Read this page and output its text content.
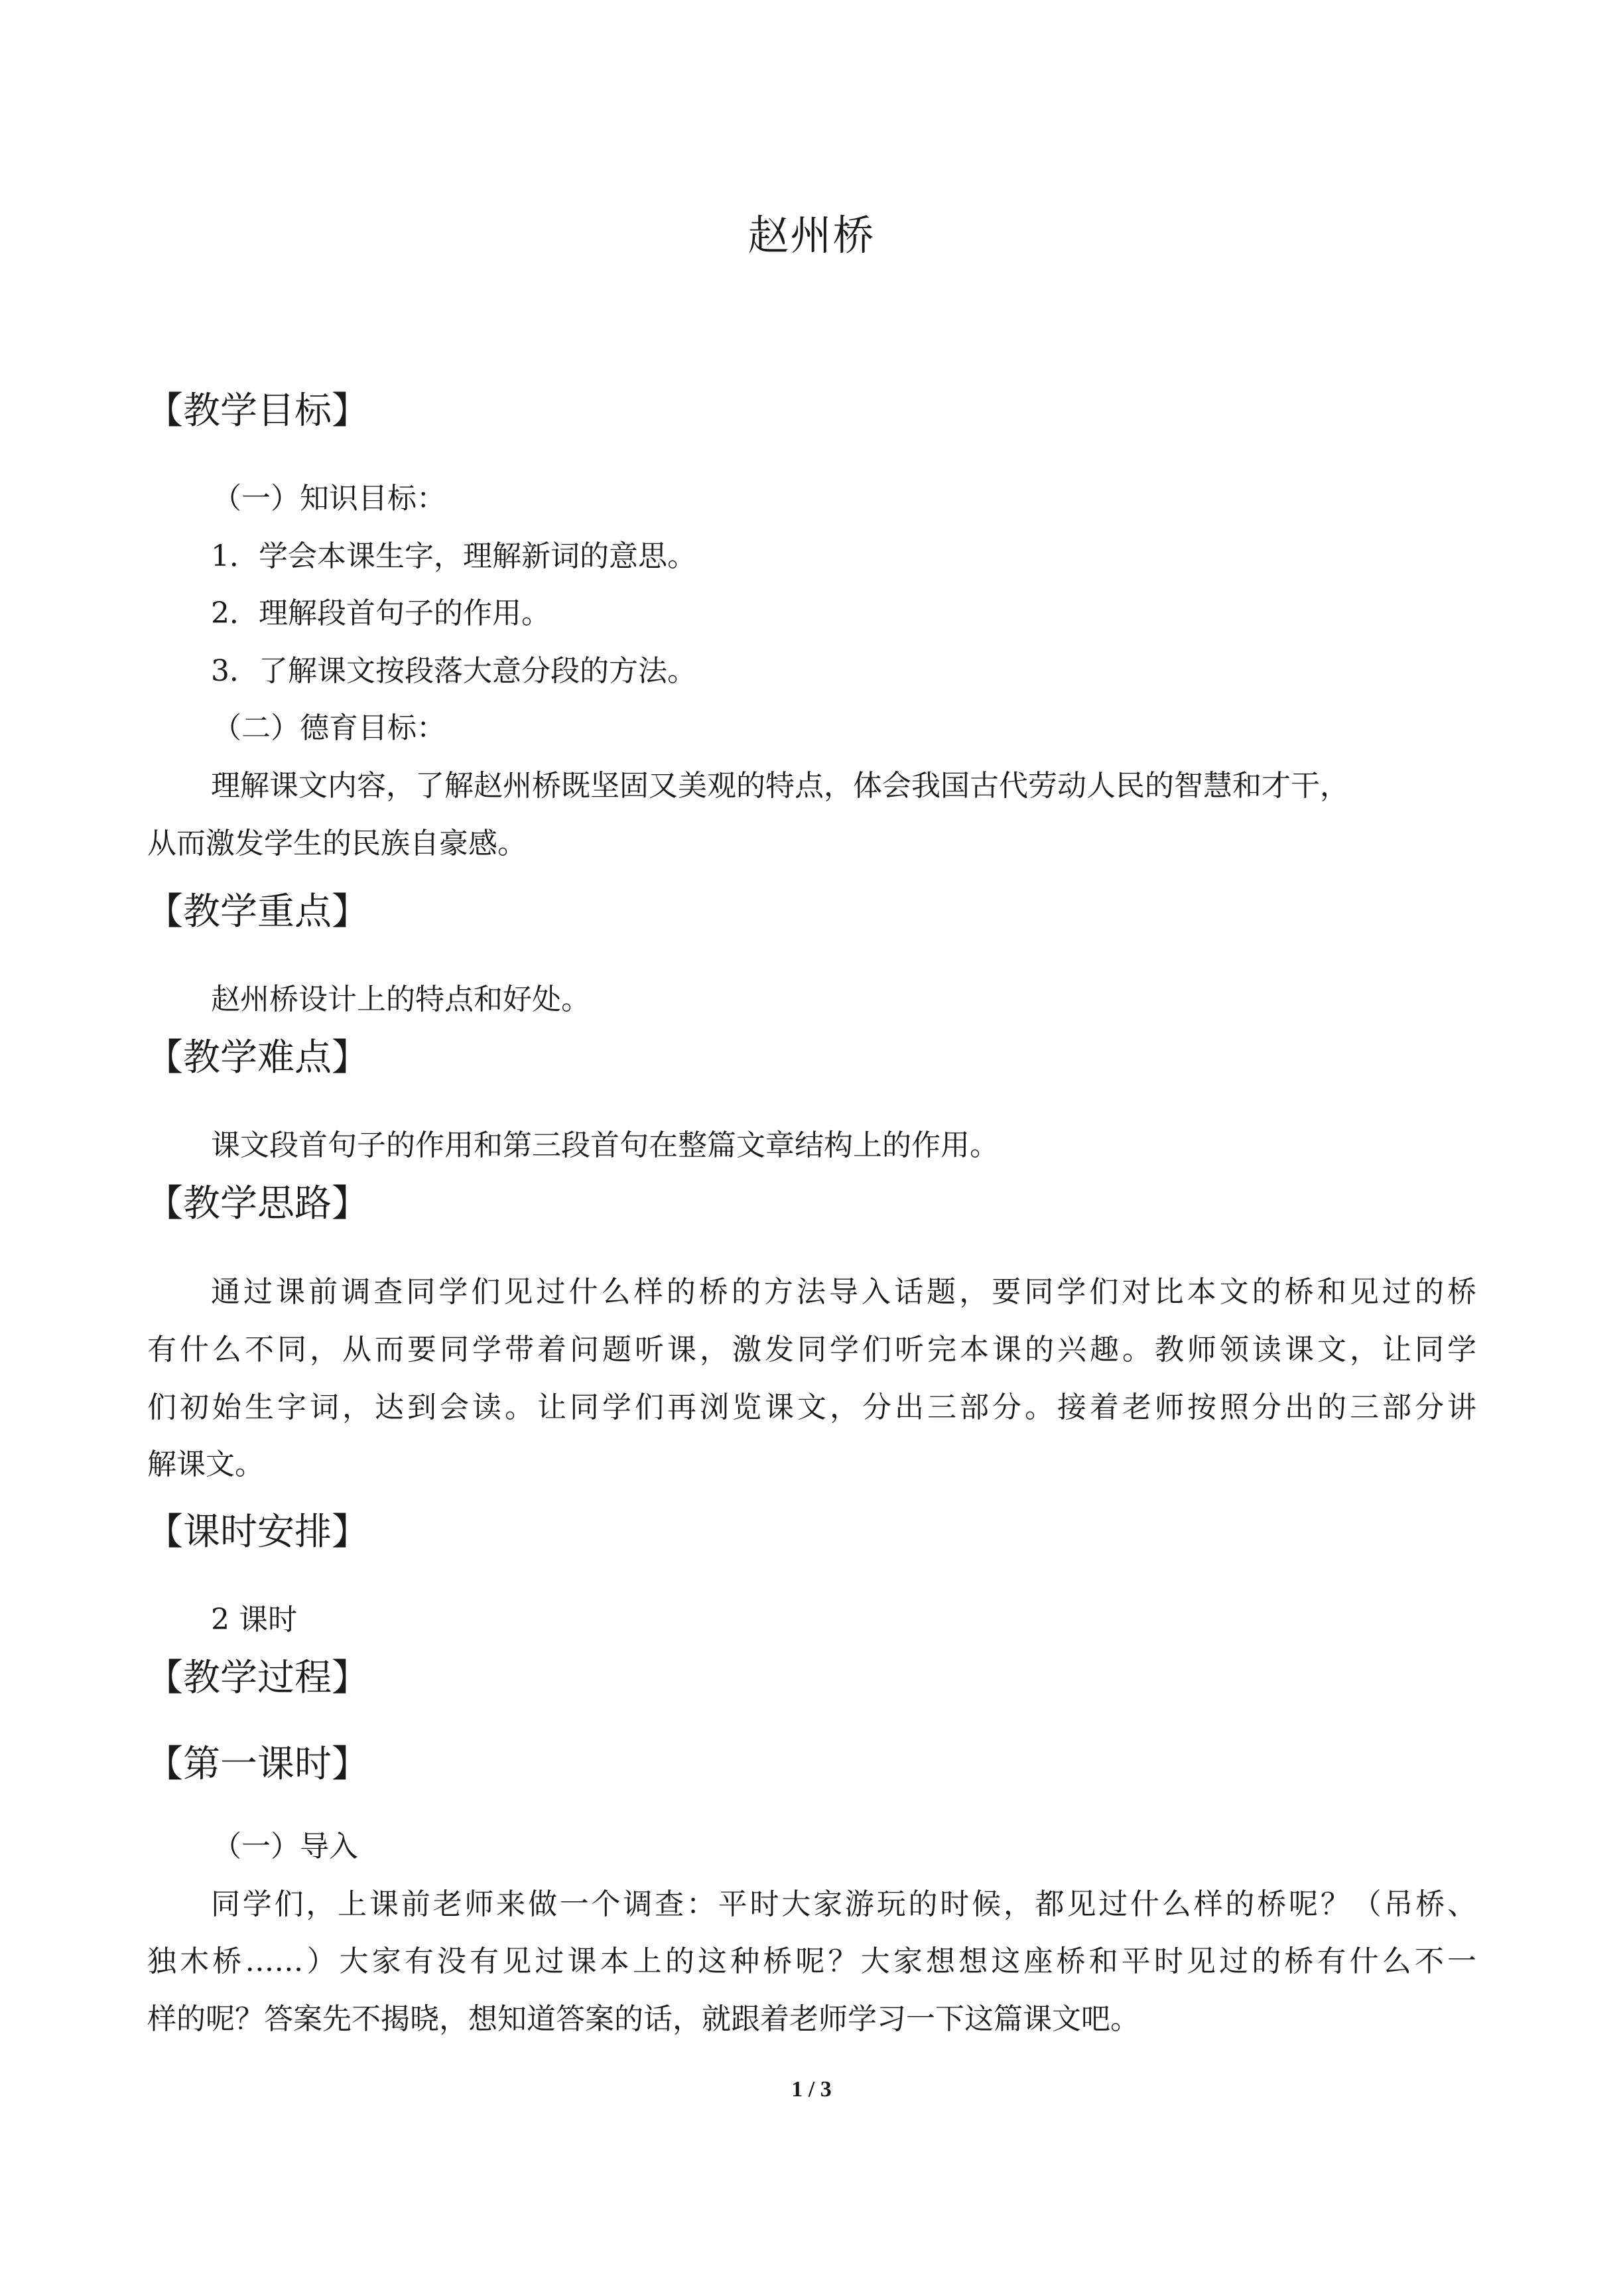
赵州桥
【教学目标】
（一）知识目标：
1．学会本课生字，理解新词的意思。
2．理解段首句子的作用。
3．了解课文按段落大意分段的方法。
（二）德育目标：
理解课文内容，了解赵州桥既坚固又美观的特点，体会我国古代劳动人民的智慧和才干，
从而激发学生的民族自豪感。
【教学重点】
赵州桥设计上的特点和好处。
【教学难点】
课文段首句子的作用和第三段首句在整篇文章结构上的作用。
【教学思路】
通过课前调查同学们见过什么样的桥的方法导入话题，要同学们对比本文的桥和见过的桥
有什么不同，从而要同学带着问题听课，激发同学们听完本课的兴趣。教师领读课文，让同学
们初始生字词，达到会读。让同学们再浏览课文，分出三部分。接着老师按照分出的三部分讲
解课文。
【课时安排】
2 课时
【教学过程】
【第一课时】
（一）导入
同学们，上课前老师来做一个调查：平时大家游玩的时候，都见过什么样的桥呢？（吊桥、
独木桥……）大家有没有见过课本上的这种桥呢？大家想想这座桥和平时见过的桥有什么不一
样的呢？答案先不揭晓，想知道答案的话，就跟着老师学习一下这篇课文吧。
1 / 3
